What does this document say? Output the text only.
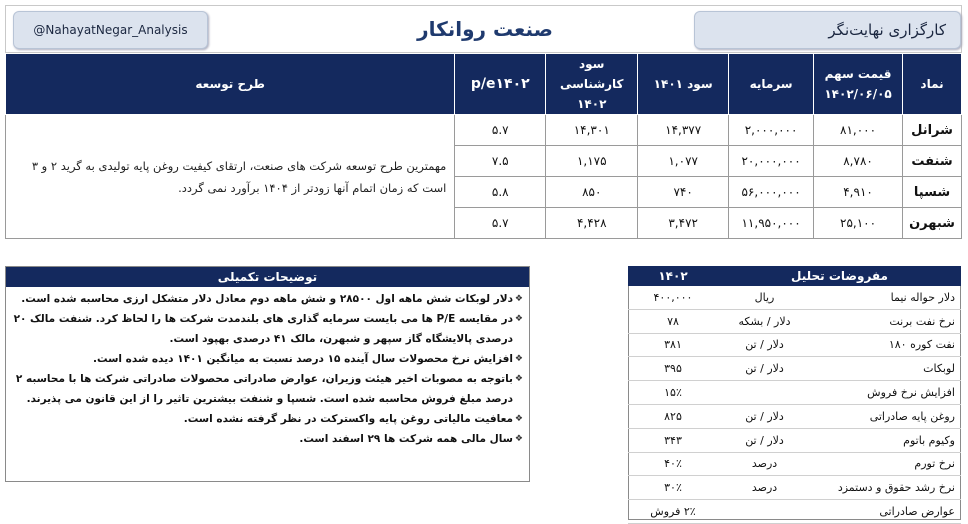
@NahayatNegar_Analysis	صنعت روانکار	کارگزاری نهایت‌نگر
نماد	قیمت سهم ۱۴۰۲/۰۶/۰۵	سرمایه	سود ۱۴۰۱	سود کارشناسی ۱۴۰۲	p/e۱۴۰۲	طرح توسعه
شرانل	۸۱,۰۰۰	۲,۰۰۰,۰۰۰	۱۴,۳۷۷	۱۴,۳۰۱	۵.۷	مهمترین طرح توسعه شرکت های صنعت، ارتقای کیفیت روغن پایه تولیدی به گرید ۲ و ۳ است که زمان اتمام آنها زودتر از ۱۴۰۴ برآورد نمی گردد.
شنفت	۸,۷۸۰	۲۰,۰۰۰,۰۰۰	۱,۰۷۷	۱,۱۷۵	۷.۵	
شسپا	۴,۹۱۰	۵۶,۰۰۰,۰۰۰	۷۴۰	۸۵۰	۵.۸	
شبهرن	۲۵,۱۰۰	۱۱,۹۵۰,۰۰۰	۳,۴۷۲	۴,۴۲۸	۵.۷	
توضیحات تکمیلی
❖
دلار لوبکات شش ماهه اول ۲۸۵۰۰ و شش ماهه دوم معادل دلار متشکل ارزی محاسبه شده است.
❖
در مقایسه P/E ها می بایست سرمایه گذاری های بلندمدت شرکت ها را لحاظ کرد. شنفت مالک ۲۰ درصدی پالایشگاه گاز سپهر و شبهرن، مالک ۴۱ درصدی بهپود است.
❖
افزایش نرخ محصولات سال آینده ۱۵ درصد نسبت به میانگین ۱۴۰۱ دیده شده است.
❖
باتوجه به مصوبات اخیر هیئت وزیران، عوارض صادراتی محصولات صادراتی شرکت ها با محاسبه ۲ درصد مبلغ فروش محاسبه شده است. شسپا و شنفت بیشترین تاثیر را از این قانون می پذیرند.
❖
معافیت مالیاتی روغن پایه واکسترکت در نظر گرفته نشده است.
❖
سال مالی همه شرکت ها ۲۹ اسفند است.
مفروضات تحلیل		۱۴۰۲
دلار حواله نیما	ریال	۴۰۰,۰۰۰
نرخ نفت برنت	دلار / بشکه	۷۸
نفت کوره ۱۸۰	دلار / تن	۳۸۱
لوبکات	دلار / تن	۳۹۵
افزایش نرخ فروش		۱۵٪
روغن پایه صادراتی	دلار / تن	۸۲۵
وکیوم باتوم	دلار / تن	۳۴۳
نرخ تورم	درصد	۴۰٪
نرخ رشد حقوق و دستمزد	درصد	۳۰٪
عوارض صادراتی		۲٪ فروش
